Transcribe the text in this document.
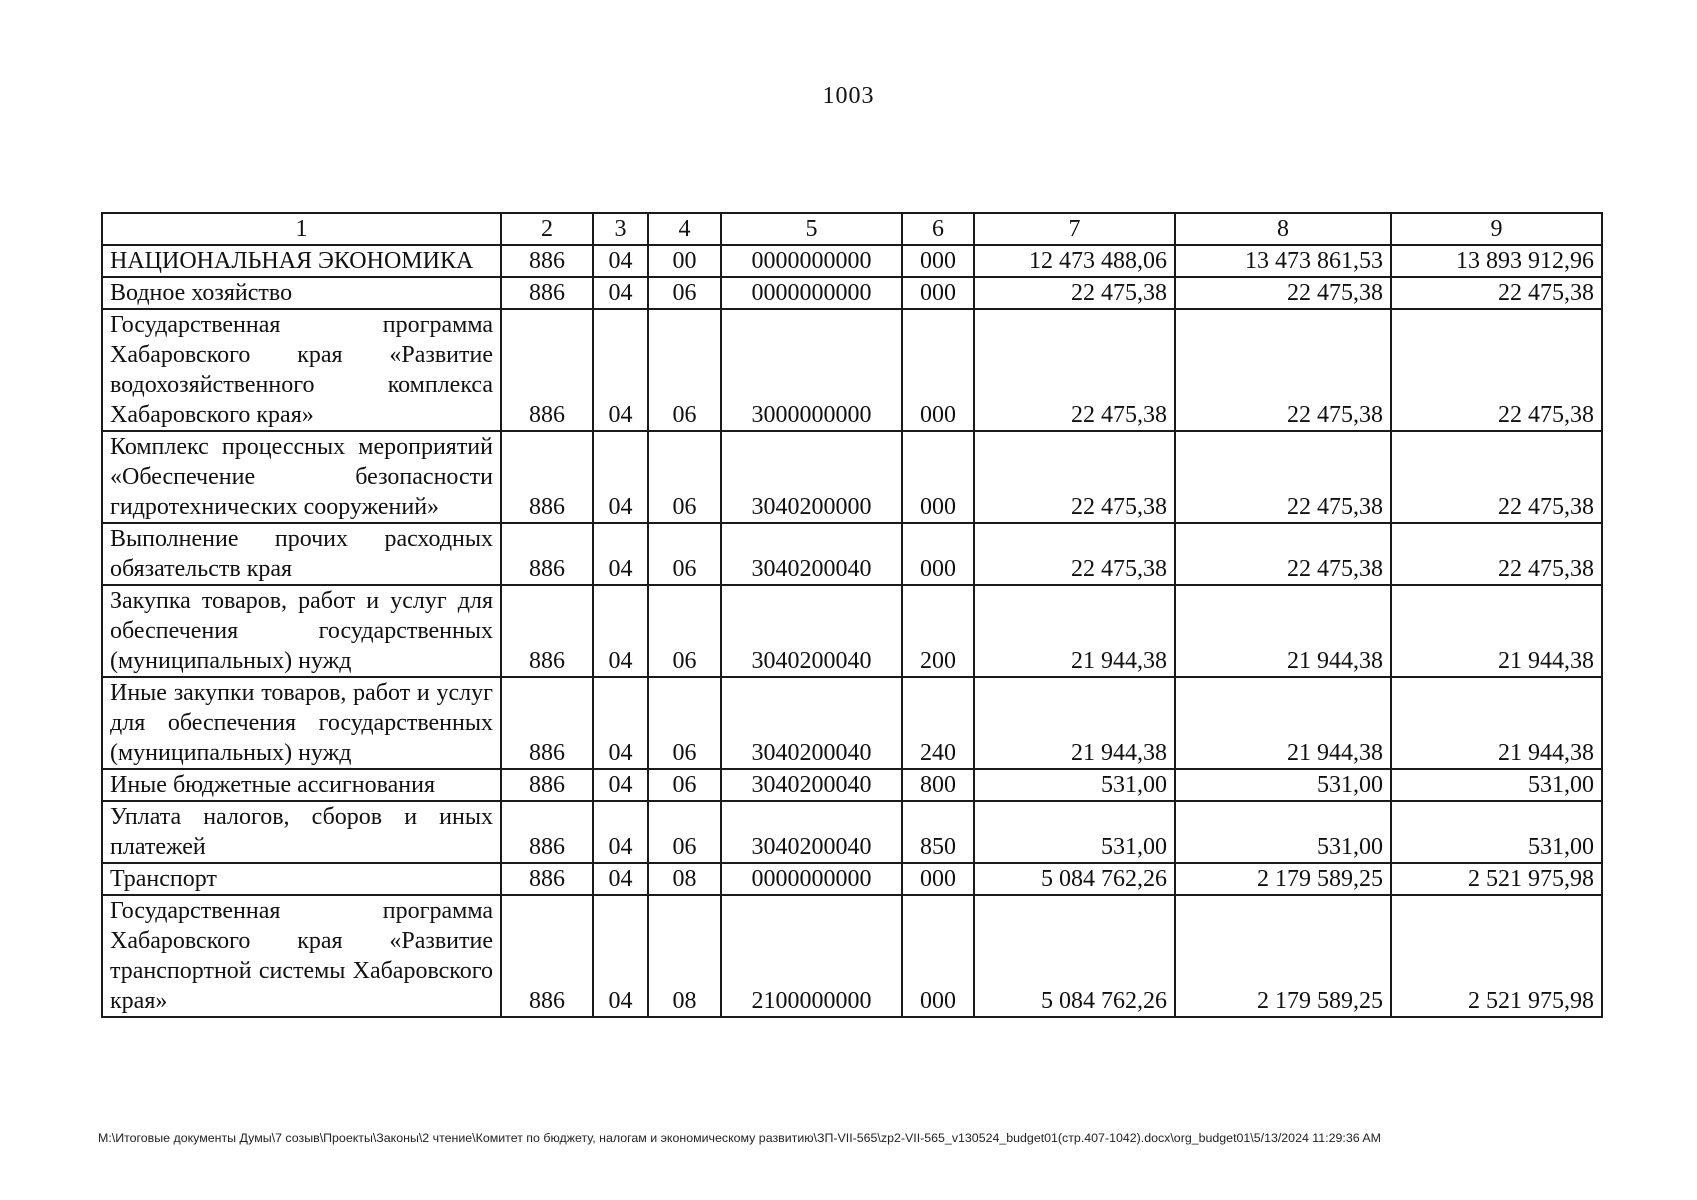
1003
1	2	3	4	5	6	7	8	9
НАЦИОНАЛЬНАЯ ЭКОНОМИКА	886	04	00	0000000000	000	12 473 488,06	13 473 861,53	13 893 912,96
Водное хозяйство	886	04	06	0000000000	000	22 475,38	22 475,38	22 475,38
Государственная программа Хабаровского края «Развитие водохозяйственного комплекса Хабаровского края»	886	04	06	3000000000	000	22 475,38	22 475,38	22 475,38
Комплекс процессных мероприятий «Обеспечение безопасности гидротехнических сооружений»	886	04	06	3040200000	000	22 475,38	22 475,38	22 475,38
Выполнение прочих расходных обязательств края	886	04	06	3040200040	000	22 475,38	22 475,38	22 475,38
Закупка товаров, работ и услуг для обеспечения государственных (муниципальных) нужд	886	04	06	3040200040	200	21 944,38	21 944,38	21 944,38
Иные закупки товаров, работ и услуг для обеспечения государственных (муниципальных) нужд	886	04	06	3040200040	240	21 944,38	21 944,38	21 944,38
Иные бюджетные ассигнования	886	04	06	3040200040	800	531,00	531,00	531,00
Уплата налогов, сборов и иных платежей	886	04	06	3040200040	850	531,00	531,00	531,00
Транспорт	886	04	08	0000000000	000	5 084 762,26	2 179 589,25	2 521 975,98
Государственная программа Хабаровского края «Развитие транспортной системы Хабаровского края»	886	04	08	2100000000	000	5 084 762,26	2 179 589,25	2 521 975,98
М:\Итоговые документы Думы\7 созыв\Проекты\Законы\2 чтение\Комитет по бюджету, налогам и экономическому развитию\ЗП-VII-565\zp2-VII-565_v130524_budget01(стр.407-1042).docx\org_budget01\5/13/2024 11:29:36 AM
